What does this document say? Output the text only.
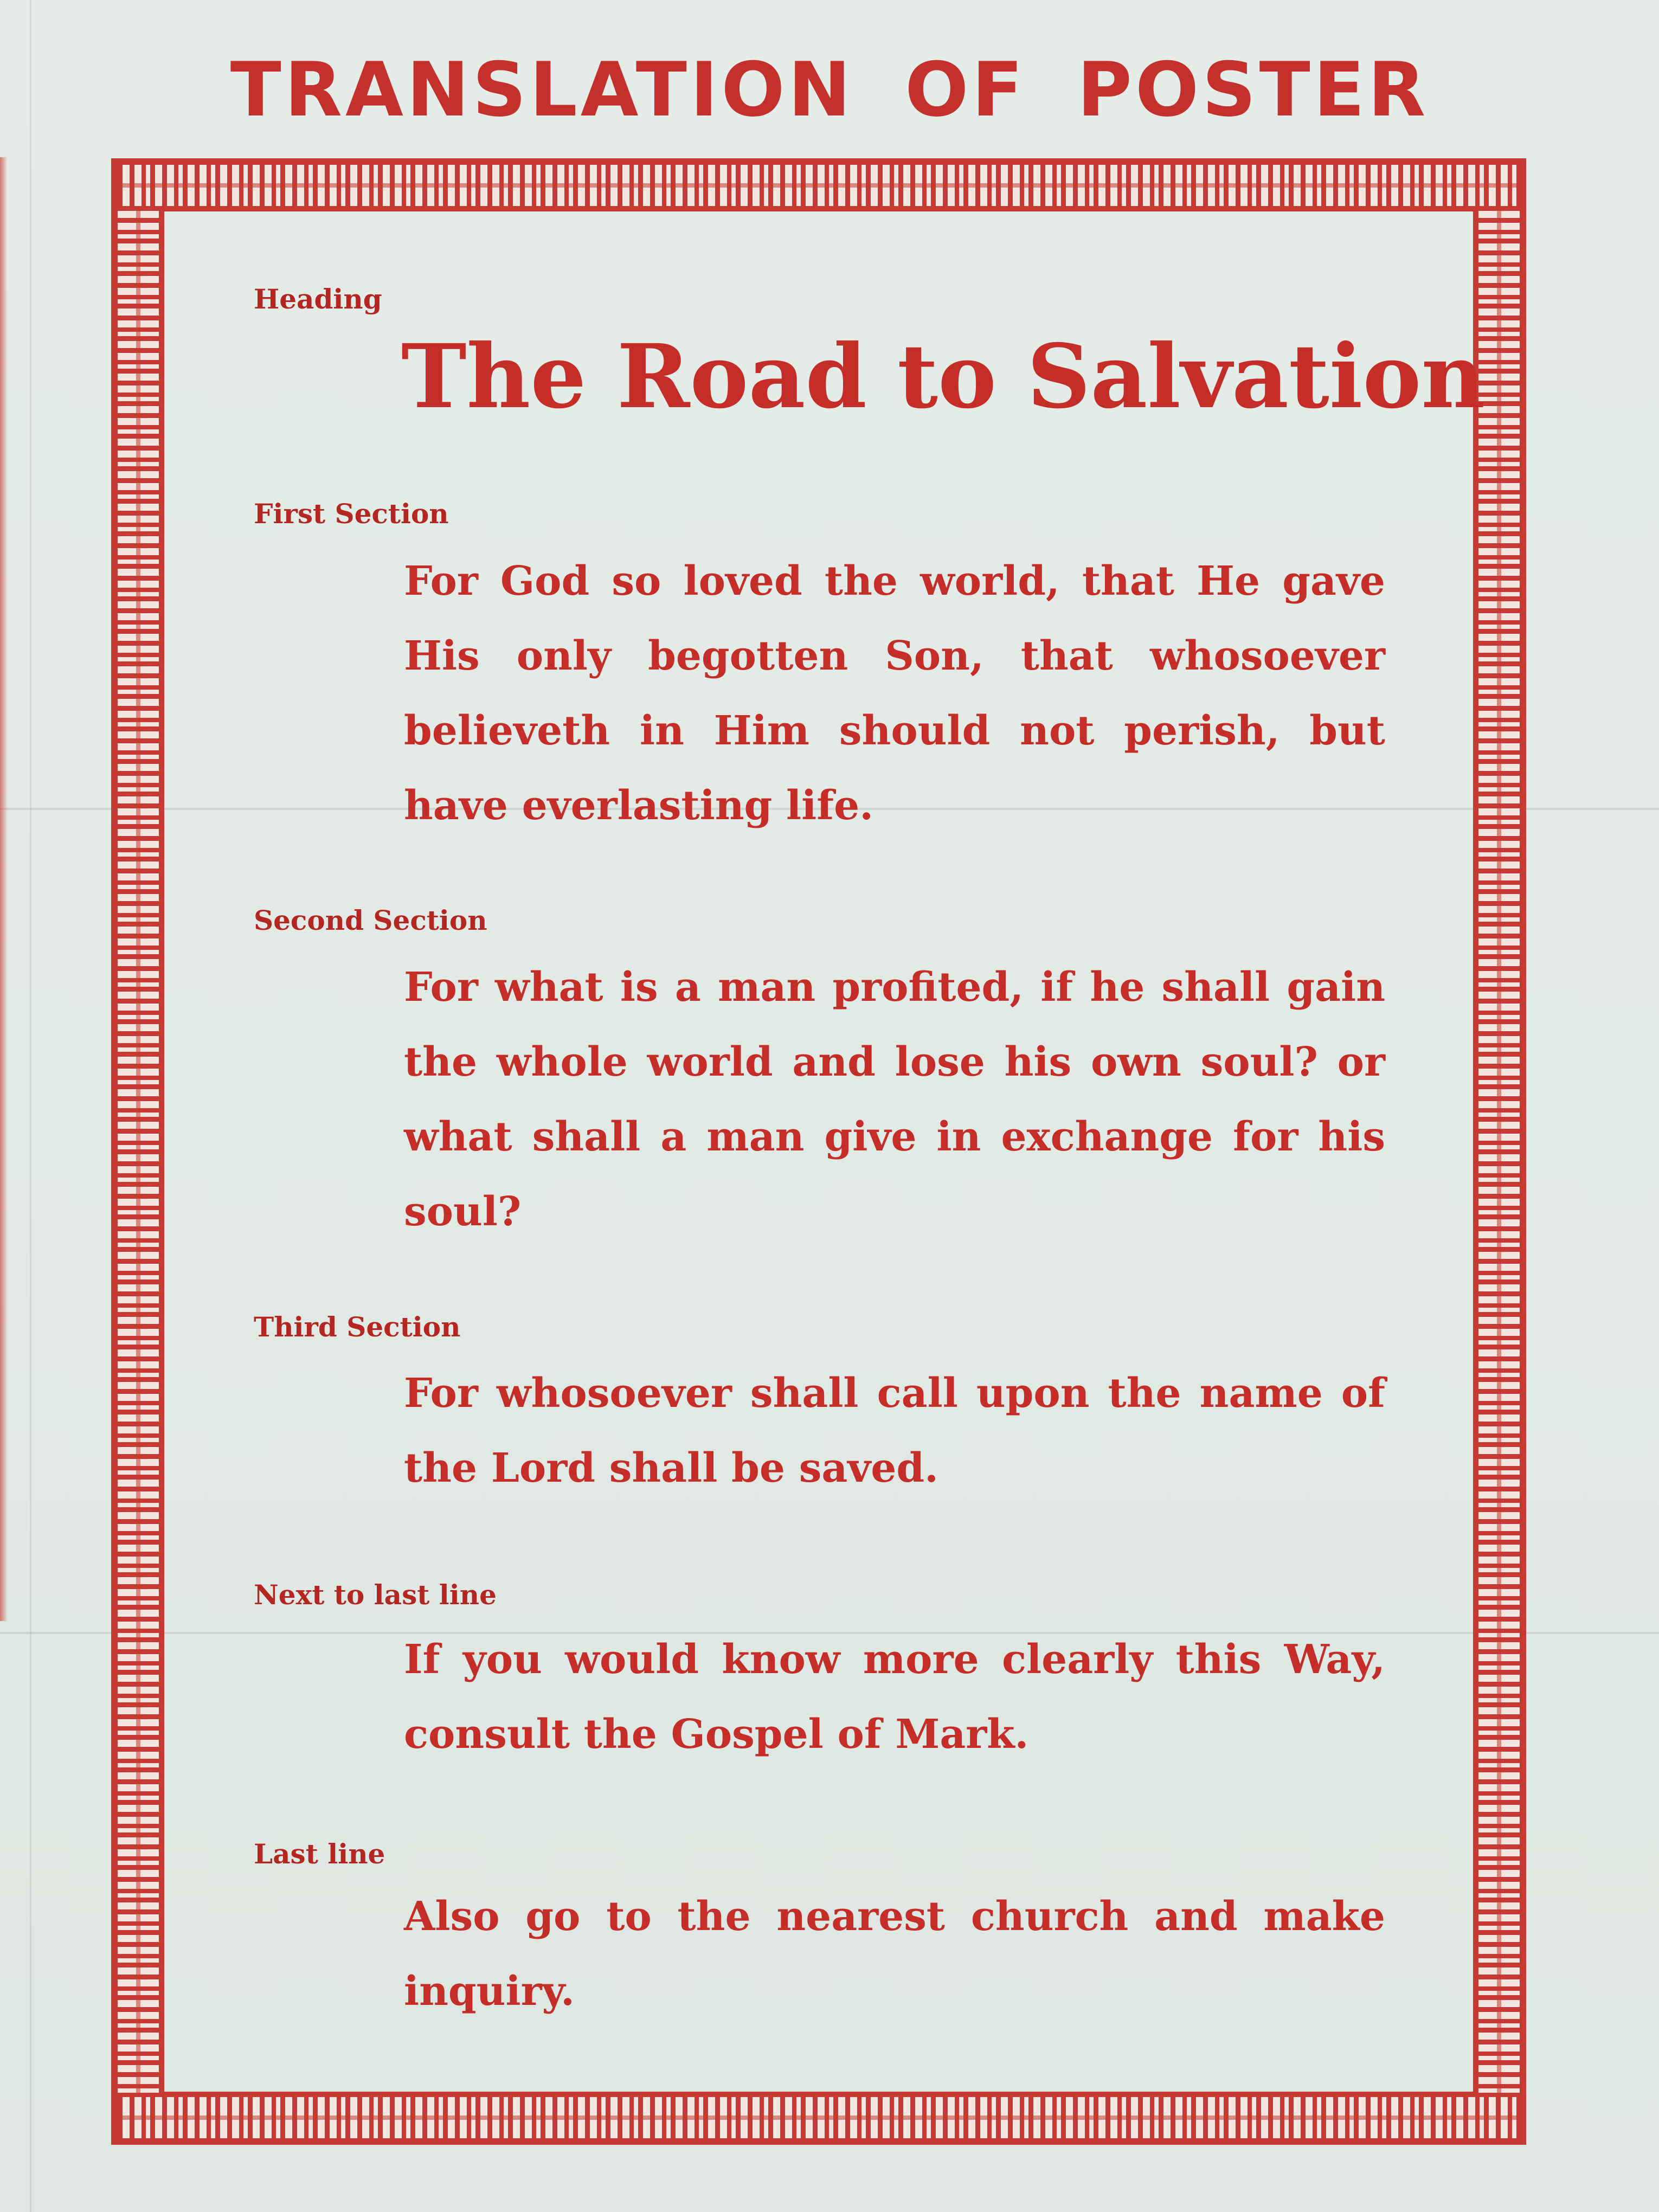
TRANSLATION OF POSTER
Heading
The Road to Salvation
First Section
For God so loved the world, that He gave His only begotten Son, that whosoever believeth in Him should not perish, but have everlasting life.
Second Section
For what is a man profited, if he shall gain the whole world and lose his own soul? or what shall a man give in exchange for his soul?
Third Section
For whosoever shall call upon the name of the Lord shall be saved.
Next to last line
If you would know more clearly this Way, consult the Gospel of Mark.
Last line
Also go to the nearest church and make inquiry.
